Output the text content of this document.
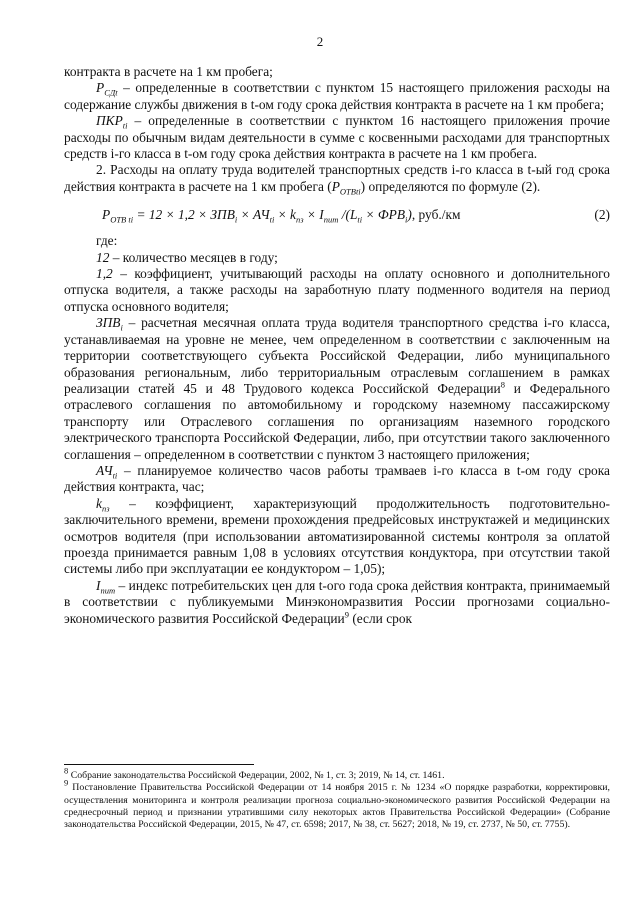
2

контракта в расчете на 1 км пробега;

$Р_{СДt}$ – определенные в соответствии с пунктом 15 настоящего приложения расходы на содержание службы движения в t-ом году срока действия контракта в расчете на 1 км пробега;

$ПКР_{ti}$ – определенные в соответствии с пунктом 16 настоящего приложения прочие расходы по обычным видам деятельности в сумме с косвенными расходами для транспортных средств i-го класса в t-ом году срока действия контракта в расчете на 1 км пробега.

2. Расходы на оплату труда водителей транспортных средств i-го класса в t-ый год срока действия контракта в расчете на 1 км пробега $(Р_{ОТВti})$ определяются по формуле (2).

$Р_{ОТВ ti} = 12 \times 1,2 \times ЗПВ_i \times АЧ_{ti} \times k_{пз} \times I_{пит}$ $/(L_{ti} \times ФРВ_i)$, руб./км	(2)

где:

12 – количество месяцев в году;

1,2 – коэффициент, учитывающий расходы на оплату основного и дополнительного отпуска водителя, а также расходы на заработную плату подменного водителя на период отпуска основного водителя;

$ЗПВ_i$ – расчетная месячная оплата труда водителя транспортного средства i-го класса, устанавливаемая на уровне не менее, чем определенном в соответствии с заключенным на территории соответствующего субъекта Российской Федерации, либо муниципального образования региональным, либо территориальным отраслевым соглашением в рамках реализации статей 45 и 48 Трудового кодекса Российской Федерации$^8$ и Федерального отраслевого соглашения по автомобильному и городскому наземному пассажирскому транспорту или Отраслевого соглашения по организациям наземного городского электрического транспорта Российской Федерации, либо, при отсутствии такого заключенного соглашения – определенном в соответствии с пунктом 3 настоящего приложения;

$АЧ_{ti}$ – планируемое количество часов работы трамваев i-го класса в t-ом году срока действия контракта, час;

$k_{пз}$ – коэффициент, характеризующий продолжительность подготовительно-заключительного времени, времени прохождения предрейсовых инструктажей и медицинских осмотров водителя (при использовании автоматизированной системы контроля за оплатой проезда принимается равным 1,08 в условиях отсутствия кондуктора, при отсутствии такой системы либо при эксплуатации ее кондуктором – 1,05);

$I_{пит}$ – индекс потребительских цен для t-ого года срока действия контракта, принимаемый в соответствии с публикуемыми Минэкономразвития России прогнозами социально-экономического развития Российской Федерации$^9$ (если срок

$^8$ Собрание законодательства Российской Федерации, 2002, № 1, ст. 3; 2019, № 14, ст. 1461.

$^9$ Постановление Правительства Российской Федерации от 14 ноября 2015 г. № 1234 «О порядке разработки, корректировки, осуществления мониторинга и контроля реализации прогноза социально-экономического развития Российской Федерации на среднесрочный период и признании утратившими силу некоторых актов Правительства Российской Федерации» (Собрание законодательства Российской Федерации, 2015, № 47, ст. 6598; 2017, № 38, ст. 5627; 2018, № 19, ст. 2737, № 50, ст. 7755).
